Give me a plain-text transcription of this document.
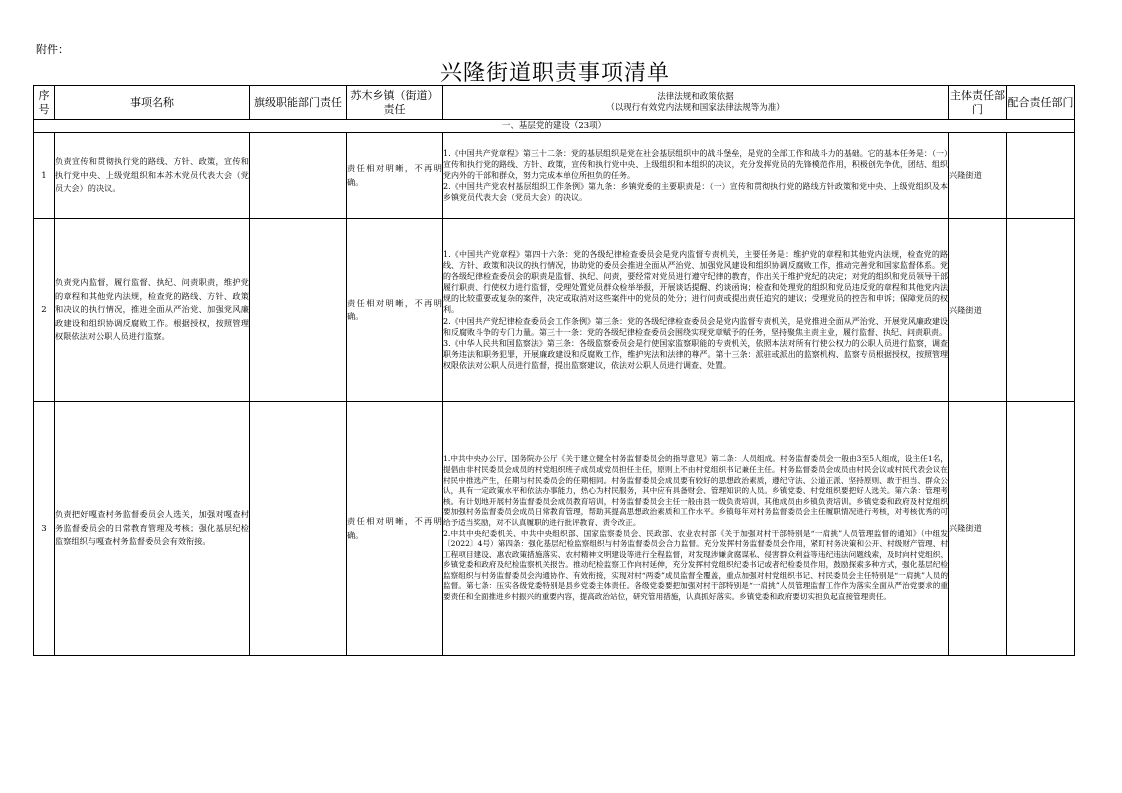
附件：
兴隆街道职责事项清单
序号	事项名称	旗级职能部门责任	苏木乡镇（街道）责任	法律法规和政策依据
（以现行有效党内法规和国家法律法规等为准）	主体责任部门	配合责任部门
一、基层党的建设（23项）						
1	负责宣传和贯彻执行党的路线、方针、政策，宣传和执行党中央、上级党组织和本苏木党员代表大会（党员大会）的决议。		责任相对明晰，不再明确。	1.《中国共产党章程》第三十二条：党的基层组织是党在社会基层组织中的战斗堡垒，是党的全部工作和战斗力的基础。它的基本任务是：（一）宣传和执行党的路线、方针、政策，宣传和执行党中央、上级组织和本组织的决议，充分发挥党员的先锋模范作用，积极创先争优，团结、组织党内外的干部和群众，努力完成本单位所担负的任务。
2.《中国共产党农村基层组织工作条例》第九条：乡镇党委的主要职责是：（一）宣传和贯彻执行党的路线方针政策和党中央、上级党组织及本乡镇党员代表大会（党员大会）的决议。	兴隆街道	
2	负责党内监督，履行监督、执纪、问责职责，维护党的章程和其他党内法规，检查党的路线、方针、政策和决议的执行情况，推进全面从严治党、加强党风廉政建设和组织协调反腐败工作。根据授权，按照管理权限依法对公职人员进行监察。		责任相对明晰，不再明确。	1.《中国共产党章程》第四十六条：党的各级纪律检查委员会是党内监督专责机关，主要任务是：维护党的章程和其他党内法规，检查党的路线、方针、政策和决议的执行情况，协助党的委员会推进全面从严治党、加强党风建设和组织协调反腐败工作，推动完善党和国家监督体系。党的各级纪律检查委员会的职责是监督、执纪、问责，要经常对党员进行遵守纪律的教育，作出关于维护党纪的决定；对党的组织和党员领导干部履行职责、行使权力进行监督，受理处置党员群众检举举报，开展谈话提醒、约谈函询；检查和处理党的组织和党员违反党的章程和其他党内法规的比较重要或复杂的案件，决定或取消对这些案件中的党员的处分；进行问责或提出责任追究的建议；受理党员的控告和申诉；保障党员的权利。
2.《中国共产党纪律检查委员会工作条例》第三条：党的各级纪律检查委员会是党内监督专责机关，是党推进全面从严治党、开展党风廉政建设和反腐败斗争的专门力量。第三十一条：党的各级纪律检查委员会围绕实现党章赋予的任务，坚持聚焦主责主业，履行监督、执纪、问责职责。
3.《中华人民共和国监察法》第三条：各级监察委员会是行使国家监察职能的专责机关，依照本法对所有行使公权力的公职人员进行监察，调查职务违法和职务犯罪，开展廉政建设和反腐败工作，维护宪法和法律的尊严。第十三条：派驻或派出的监察机构、监察专员根据授权，按照管理权限依法对公职人员进行监督，提出监察建议，依法对公职人员进行调查、处置。	兴隆街道	
3	负责把好嘎查村务监督委员会人选关，加强对嘎查村务监督委员会的日常教育管理及考核；强化基层纪检监察组织与嘎查村务监督委员会有效衔接。		责任相对明晰，不再明确。	1.中共中央办公厅、国务院办公厅《关于建立健全村务监督委员会的指导意见》第二条：人员组成。村务监督委员会一般由3至5人组成，设主任1名，提倡由非村民委员会成员的村党组织班子成员或党员担任主任，原则上不由村党组织书记兼任主任。村务监督委员会成员由村民会议或村民代表会议在村民中推选产生，任期与村民委员会的任期相同。村务监督委员会成员要有较好的思想政治素质，遵纪守法、公道正派、坚持原则、敢于担当、群众公认，具有一定政策水平和依法办事能力，热心为村民服务，其中应有具备财会、管理知识的人员。乡镇党委、村党组织要把好人选关。第六条：管理考核。有计划地开展村务监督委员会成员教育培训，村务监督委员会主任一般由县一级负责培训，其他成员由乡镇负责培训。乡镇党委和政府及村党组织要加强村务监督委员会成员日常教育管理，帮助其提高思想政治素质和工作水平。乡镇每年对村务监督委员会主任履职情况进行考核，对考核优秀的可给予适当奖励，对不认真履职的进行批评教育、责令改正。
2.中共中央纪委机关、中共中央组织部、国家监察委员会、民政部、农业农村部《关于加强对村干部特别是“一肩挑”人员管理监督的通知》（中组发〔2022〕4号）第四条：强化基层纪检监察组织与村务监督委员会合力监督。充分发挥村务监督委员会作用，紧盯村务决策和公开、村级财产管理、村工程项目建设、惠农政策措施落实、农村精神文明建设等进行全程监督，对发现涉嫌贪腐谋私、侵害群众利益等违纪违法问题线索，及时向村党组织、乡镇党委和政府及纪检监察机关报告。推动纪检监察工作向村延伸，充分发挥村党组织纪委书记或者纪检委员作用，鼓励探索多种方式，强化基层纪检监察组织与村务监督委员会沟通协作、有效衔接，实现对村“两委”成员监督全覆盖，重点加强对村党组织书记、村民委员会主任特别是“一肩挑”人员的监督。第七条：压实各级党委特别是县乡党委主体责任。各级党委要把加强对村干部特别是“一肩挑”人员管理监督工作作为落实全面从严治党要求的重要责任和全面推进乡村振兴的重要内容，提高政治站位，研究管用措施，认真抓好落实。乡镇党委和政府要切实担负起直接管理责任。	兴隆街道	
